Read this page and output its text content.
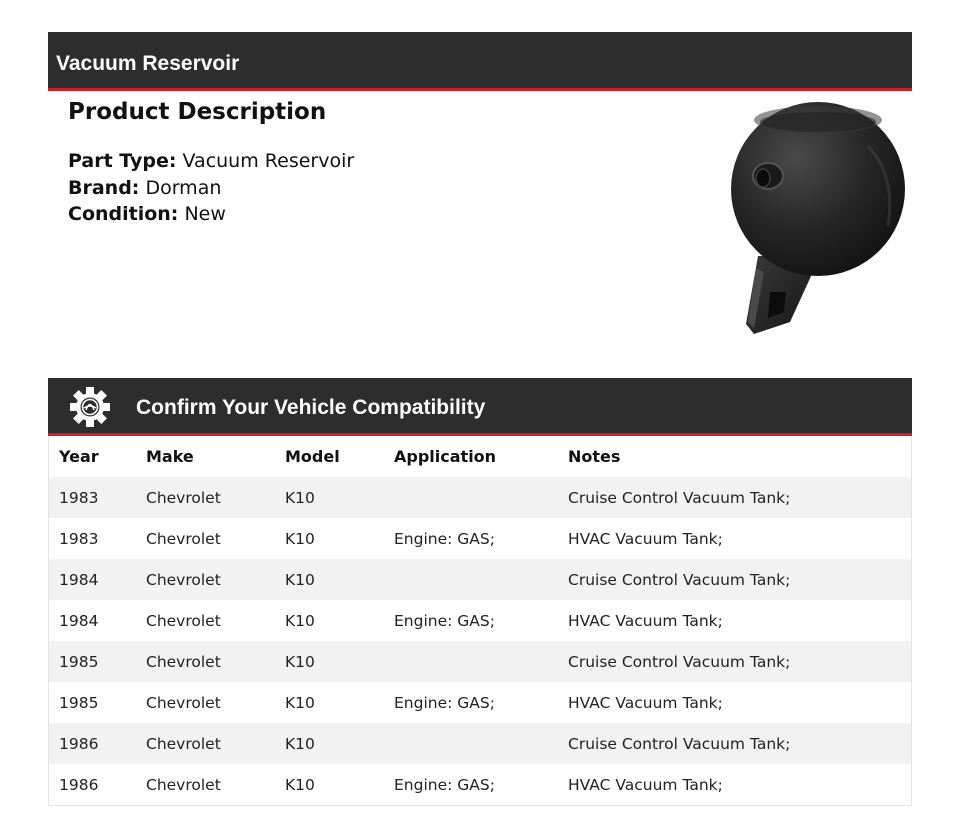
Vacuum Reservoir
Product Description
Part Type: Vacuum Reservoir
Brand: Dorman
Condition: New
Confirm Your Vehicle Compatibility
Year	Make	Model	Application	Notes
1983	Chevrolet	K10		Cruise Control Vacuum Tank;
1983	Chevrolet	K10	Engine: GAS;	HVAC Vacuum Tank;
1984	Chevrolet	K10		Cruise Control Vacuum Tank;
1984	Chevrolet	K10	Engine: GAS;	HVAC Vacuum Tank;
1985	Chevrolet	K10		Cruise Control Vacuum Tank;
1985	Chevrolet	K10	Engine: GAS;	HVAC Vacuum Tank;
1986	Chevrolet	K10		Cruise Control Vacuum Tank;
1986	Chevrolet	K10	Engine: GAS;	HVAC Vacuum Tank;
